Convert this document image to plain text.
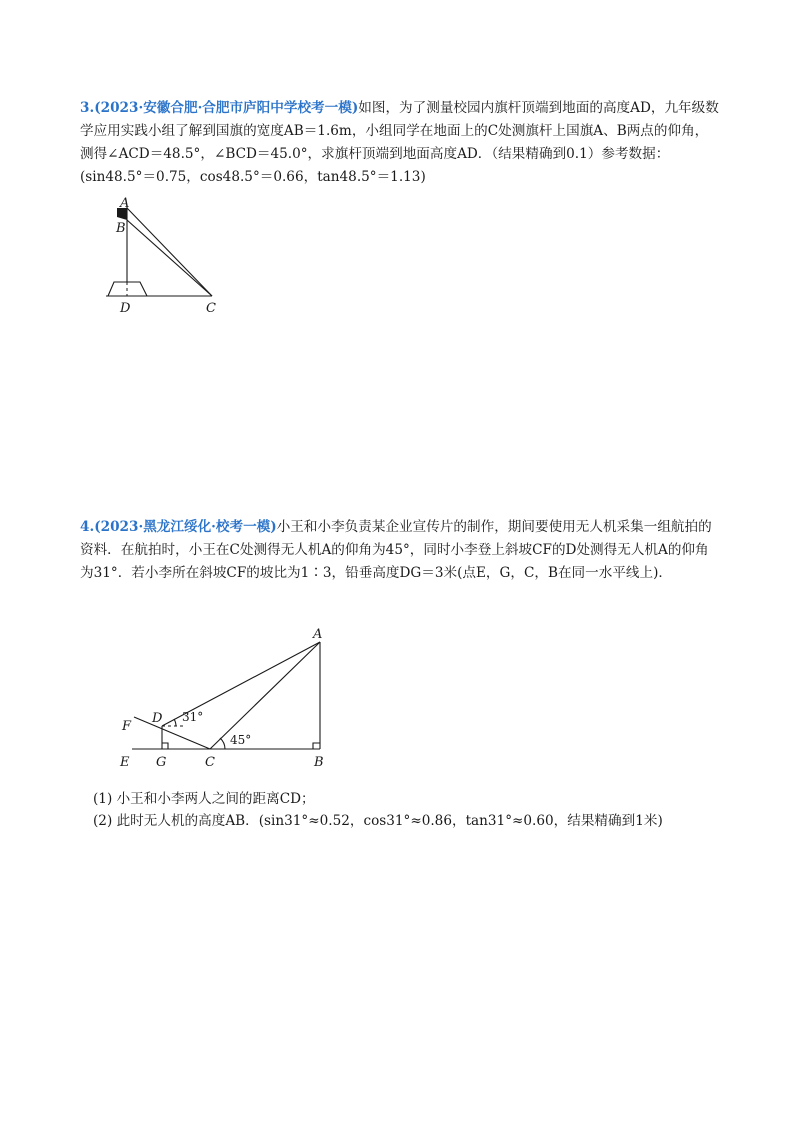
3.(2023·安徽合肥·合肥市庐阳中学校考一模)如图，为了测量校园内旗杆顶端到地面的高度AD，九年级数学应用实践小组了解到国旗的宽度AB＝1.6m，小组同学在地面上的C处测旗杆上国旗A、B两点的仰角，测得∠ACD＝48.5°，∠BCD＝45.0°，求旗杆顶端到地面高度AD．（结果精确到0.1）参考数据：(sin48.5°＝0.75，cos48.5°＝0.66，tan48.5°＝1.13)
A
B
D	C
4.(2023·黑龙江绥化·校考一模)小王和小李负责某企业宣传片的制作，期间要使用无人机采集一组航拍的资料．在航拍时，小王在C处测得无人机A的仰角为45°，同时小李登上斜坡CF的D处测得无人机A的仰角为31°．若小李所在斜坡CF的坡比为1∶3，铅垂高度DG＝3米(点E，G，C，B在同一水平线上)．
A
B
C
D
E
F
G
31°
45°
(1) 小王和小李两人之间的距离CD；
(2) 此时无人机的高度AB．(sin31°≈0.52，cos31°≈0.86，tan31°≈0.60，结果精确到1米)
